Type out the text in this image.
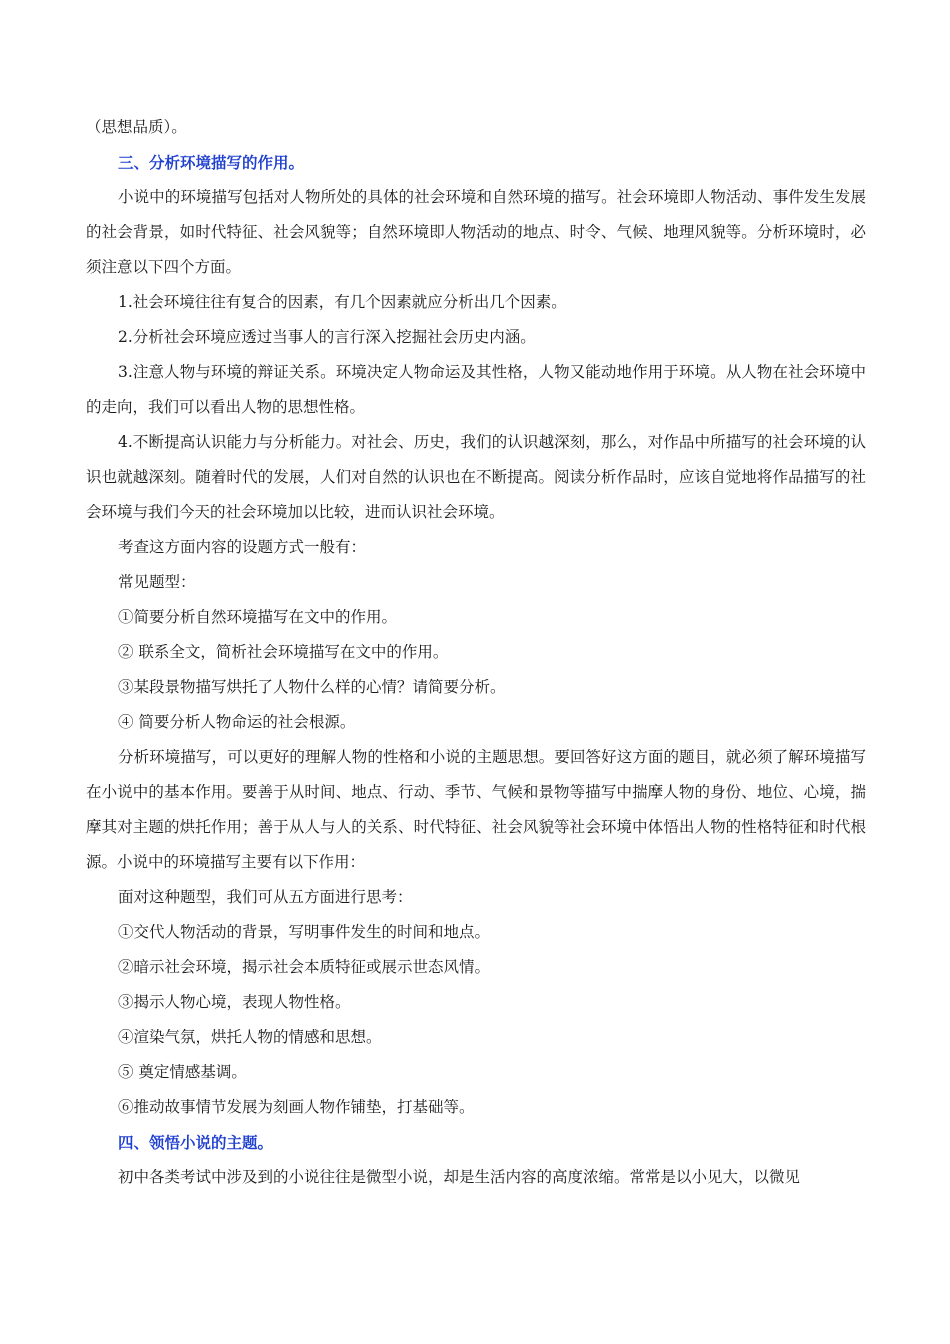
（思想品质）。

三、分析环境描写的作用。

小说中的环境描写包括对人物所处的具体的社会环境和自然环境的描写。社会环境即人物活动、事件发生发展的社会背景，如时代特征、社会风貌等；自然环境即人物活动的地点、时令、气候、地理风貌等。分析环境时，必须注意以下四个方面。

1.社会环境往往有复合的因素，有几个因素就应分析出几个因素。

2.分析社会环境应透过当事人的言行深入挖掘社会历史内涵。

3.注意人物与环境的辩证关系。环境决定人物命运及其性格，人物又能动地作用于环境。从人物在社会环境中的走向，我们可以看出人物的思想性格。

4.不断提高认识能力与分析能力。对社会、历史，我们的认识越深刻，那么，对作品中所描写的社会环境的认识也就越深刻。随着时代的发展，人们对自然的认识也在不断提高。阅读分析作品时，应该自觉地将作品描写的社会环境与我们今天的社会环境加以比较，进而认识社会环境。

考查这方面内容的设题方式一般有：

常见题型：

①简要分析自然环境描写在文中的作用。

② 联系全文，简析社会环境描写在文中的作用。

③某段景物描写烘托了人物什么样的心情？请简要分析。

④ 简要分析人物命运的社会根源。

分析环境描写，可以更好的理解人物的性格和小说的主题思想。要回答好这方面的题目，就必须了解环境描写在小说中的基本作用。要善于从时间、地点、行动、季节、气候和景物等描写中揣摩人物的身份、地位、心境，揣摩其对主题的烘托作用；善于从人与人的关系、时代特征、社会风貌等社会环境中体悟出人物的性格特征和时代根源。小说中的环境描写主要有以下作用：

面对这种题型，我们可从五方面进行思考：

①交代人物活动的背景，写明事件发生的时间和地点。

②暗示社会环境，揭示社会本质特征或展示世态风情。

③揭示人物心境，表现人物性格。

④渲染气氛，烘托人物的情感和思想。

⑤ 奠定情感基调。

⑥推动故事情节发展为刻画人物作铺垫，打基础等。

四、领悟小说的主题。

初中各类考试中涉及到的小说往往是微型小说，却是生活内容的高度浓缩。常常是以小见大，以微见
